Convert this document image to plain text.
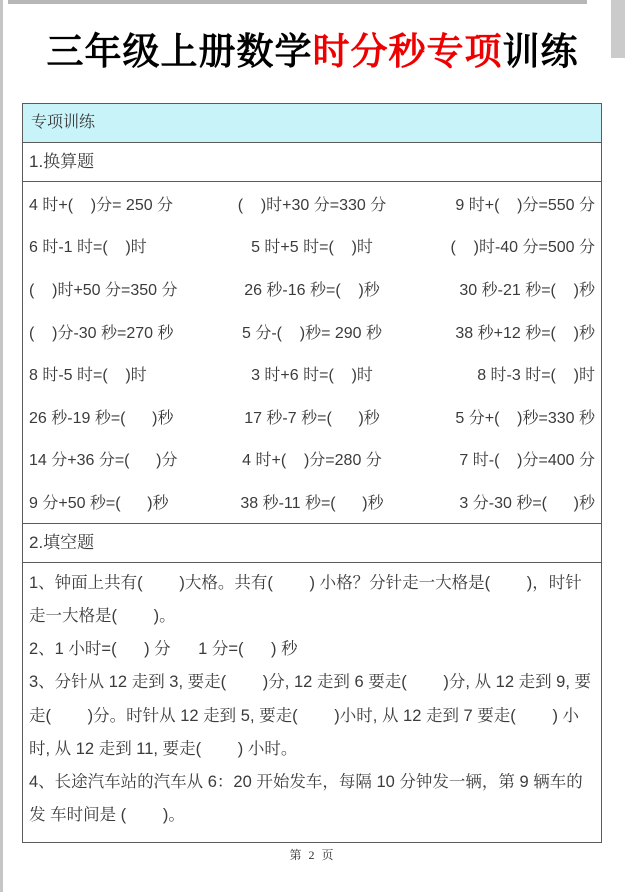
三年级上册数学时分秒专项训练
专项训练
1.换算题
4 时+(    )分= 250 分	(    )时+30 分=330 分	9 时+(    )分=550 分
6 时-1 时=(    )时	5 时+5 时=(    )时	(    )时-40 分=500 分
(    )时+50 分=350 分	26 秒-16 秒=(    )秒	30 秒-21 秒=(    )秒
(    )分-30 秒=270 秒	5 分-(    )秒= 290 秒	38 秒+12 秒=(    )秒
8 时-5 时=(    )时	3 时+6 时=(    )时	8 时-3 时=(    )时
26 秒-19 秒=(      )秒	17 秒-7 秒=(      )秒	5 分+(    )秒=330 秒
14 分+36 分=(      )分	4 时+(    )分=280 分	7 时-(    )分=400 分
9 分+50 秒=(      )秒	38 秒-11 秒=(      )秒	3 分-30 秒=(      )秒
2.填空题

1、钟面上共有(        )大格。共有(        ) 小格？分针走一大格是(        )，时针走一大格是(        )。

2、1 小时=(      ) 分      1 分=(      ) 秒

3、分针从 12 走到 3, 要走(        )分, 12 走到 6 要走(        )分, 从 12 走到 9, 要走(        )分。时针从 12 走到 5, 要走(        )小时, 从 12 走到 7 要走(        ) 小时, 从 12 走到 11, 要走(        ) 小时。

4、长途汽车站的汽车从 6：20 开始发车，每隔 10 分钟发一辆，第 9 辆车的发 车时间是 (        )。

第 2 页
